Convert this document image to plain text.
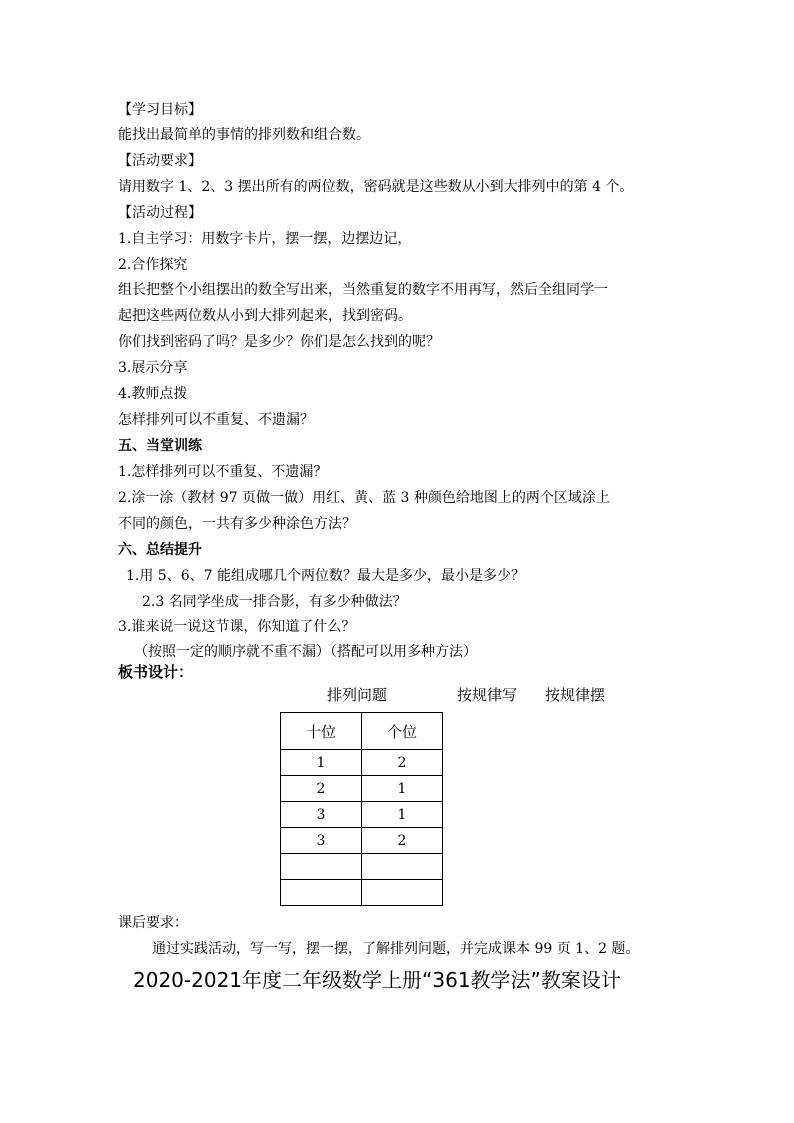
【学习目标】
能找出最简单的事情的排列数和组合数。
【活动要求】
请用数字 1、2、3 摆出所有的两位数，密码就是这些数从小到大排列中的第 4 个。
【活动过程】
1.自主学习：用数字卡片，摆一摆，边摆边记，
2.合作探究
组长把整个小组摆出的数全写出来，当然重复的数字不用再写，然后全组同学一
起把这些两位数从小到大排列起来，找到密码。
你们找到密码了吗？是多少？你们是怎么找到的呢？
3.展示分享
4.教师点拨
怎样排列可以不重复、不遗漏？
五、当堂训练
1.怎样排列可以不重复、不遗漏？
2.涂一涂（教材 97 页做一做）用红、黄、蓝 3 种颜色给地图上的两个区域涂上
不同的颜色，一共有多少种涂色方法？
六、总结提升
1.用 5、6、7 能组成哪几个两位数？最大是多少，最小是多少？
2.3 名同学坐成一排合影，有多少种做法？
3.谁来说一说这节课，你知道了什么？
（按照一定的顺序就不重不漏）（搭配可以用多种方法）
板书设计：
排列问题	按规律写 按规律摆
十位	个位
1	2
2	1
3	1
3	2

课后要求：
通过实践活动，写一写，摆一摆，了解排列问题，并完成课本 99 页 1、2 题。
2020-2021年度二年级数学上册“361教学法”教案设计
